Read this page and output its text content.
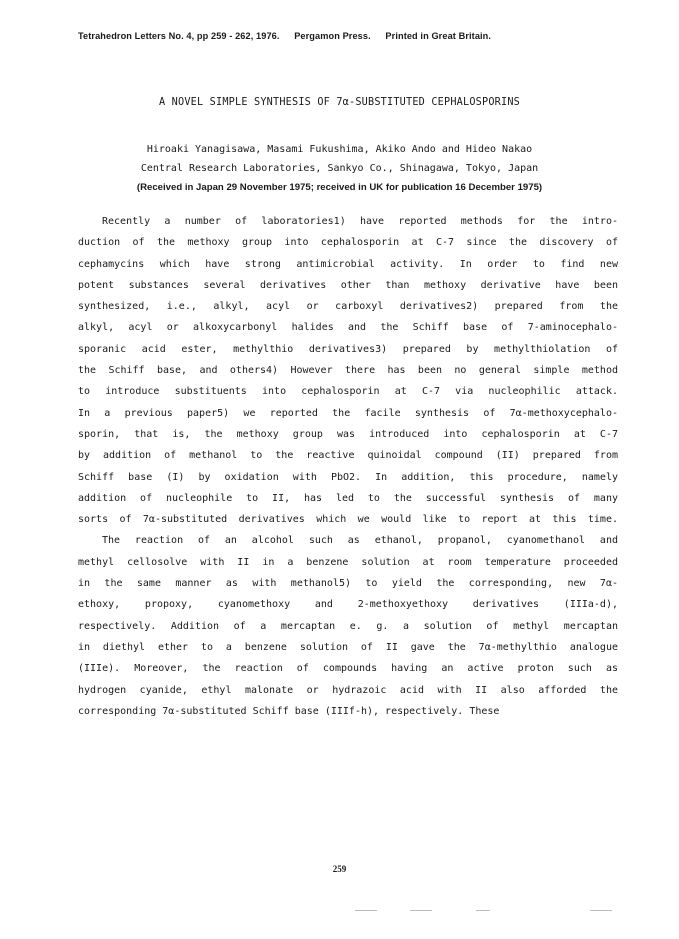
Tetrahedron Letters No. 4, pp 259 - 262, 1976. Pergamon Press. Printed in Great Britain.
A NOVEL SIMPLE SYNTHESIS OF 7α-SUBSTITUTED CEPHALOSPORINS
Hiroaki Yanagisawa, Masami Fukushima, Akiko Ando and Hideo Nakao
Central Research Laboratories, Sankyo Co., Shinagawa, Tokyo, Japan
(Received in Japan 29 November 1975; received in UK for publication 16 December 1975)
Recently a number of laboratories1) have reported methods for the intro-
duction of the methoxy group into cephalosporin at C-7 since the discovery of
cephamycins which have strong antimicrobial activity. In order to find new
potent substances several derivatives other than methoxy derivative have been
synthesized, i.e., alkyl, acyl or carboxyl derivatives2) prepared from the
alkyl, acyl or alkoxycarbonyl halides and the Schiff base of 7-aminocephalo-
sporanic acid ester, methylthio derivatives3) prepared by methylthiolation of
the Schiff base, and others4) However there has been no general simple method
to introduce substituents into cephalosporin at C-7 via nucleophilic attack.
In a previous paper5) we reported the facile synthesis of 7α-methoxycephalo-
sporin, that is, the methoxy group was introduced into cephalosporin at C-7
by addition of methanol to the reactive quinoidal compound (II) prepared from
Schiff base (I) by oxidation with PbO2. In addition, this procedure, namely
addition of nucleophile to II, has led to the successful synthesis of many
sorts of 7α-substituted derivatives which we would like to report at this time.
The reaction of an alcohol such as ethanol, propanol, cyanomethanol and
methyl cellosolve with II in a benzene solution at room temperature proceeded
in the same manner as with methanol5) to yield the corresponding, new 7α-
ethoxy, propoxy, cyanomethoxy and 2-methoxyethoxy derivatives (IIIa-d),
respectively. Addition of a mercaptan e. g. a solution of methyl mercaptan
in diethyl ether to a benzene solution of II gave the 7α-methylthio analogue
(IIIe). Moreover, the reaction of compounds having an active proton such as
hydrogen cyanide, ethyl malonate or hydrazoic acid with II also afforded the
corresponding 7α-substituted Schiff base (IIIf-h), respectively. These
259
